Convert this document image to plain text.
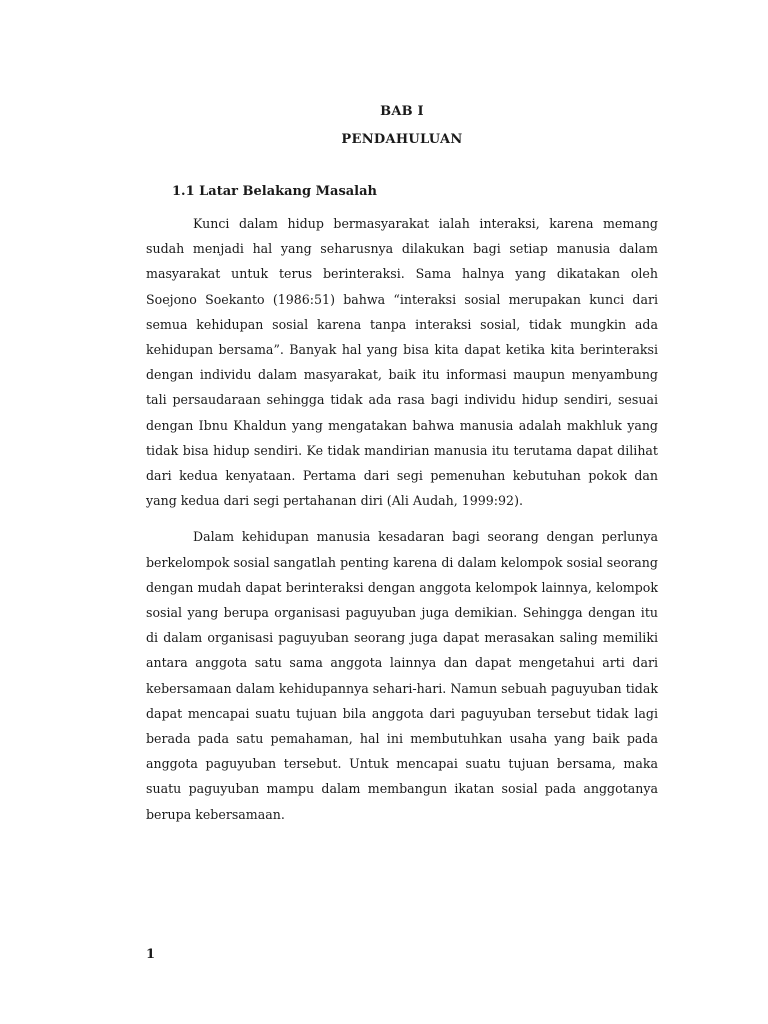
BAB I
PENDAHULUAN
1.1 Latar Belakang Masalah

Kunci dalam hidup bermasyarakat ialah interaksi, karena memang sudah menjadi hal yang seharusnya dilakukan bagi setiap manusia dalam masyarakat untuk terus berinteraksi. Sama halnya yang dikatakan oleh Soejono Soekanto (1986:51) bahwa “interaksi sosial merupakan kunci dari semua kehidupan sosial karena tanpa interaksi sosial, tidak mungkin ada kehidupan bersama”. Banyak hal yang bisa kita dapat ketika kita berinteraksi dengan individu dalam masyarakat, baik itu informasi maupun menyambung tali persaudaraan sehingga tidak ada rasa bagi individu hidup sendiri, sesuai dengan Ibnu Khaldun yang mengatakan bahwa manusia adalah makhluk yang tidak bisa hidup sendiri. Ke tidak mandirian manusia itu terutama dapat dilihat dari kedua kenyataan. Pertama dari segi pemenuhan kebutuhan pokok dan yang kedua dari segi pertahanan diri (Ali Audah, 1999:92).

Dalam kehidupan manusia kesadaran bagi seorang dengan perlunya berkelompok sosial sangatlah penting karena di dalam kelompok sosial seorang dengan mudah dapat berinteraksi dengan anggota kelompok lainnya, kelompok sosial yang berupa organisasi paguyuban juga demikian. Sehingga dengan itu di dalam organisasi paguyuban seorang juga dapat merasakan saling memiliki antara anggota satu sama anggota lainnya dan dapat mengetahui arti dari kebersamaan dalam kehidupannya sehari-hari. Namun sebuah paguyuban tidak dapat mencapai suatu tujuan bila anggota dari paguyuban tersebut tidak lagi berada pada satu pemahaman, hal ini membutuhkan usaha yang baik pada anggota paguyuban tersebut. Untuk mencapai suatu tujuan bersama, maka suatu paguyuban mampu dalam membangun ikatan sosial pada anggotanya berupa kebersamaan.

1
